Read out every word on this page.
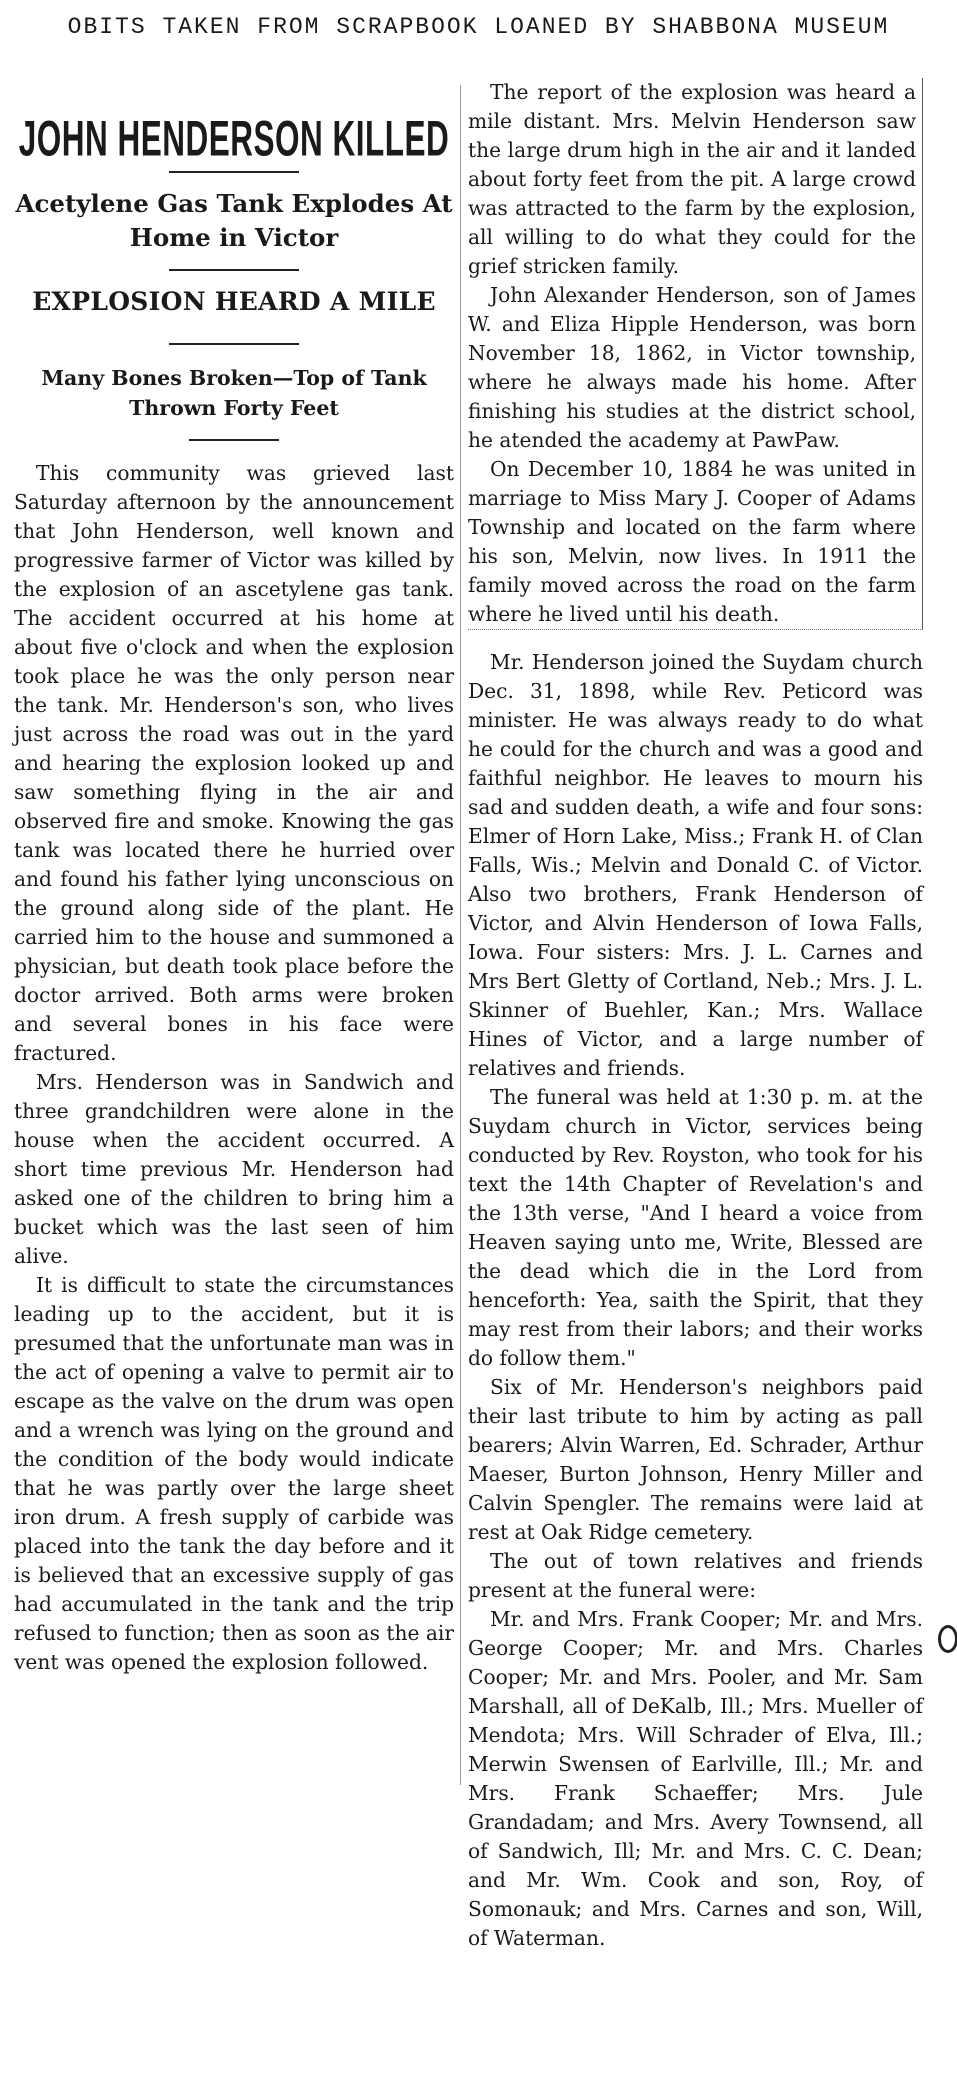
OBITS TAKEN FROM SCRAPBOOK LOANED BY SHABBONA MUSEUM
JOHN HENDERSON KILLED
Acetylene Gas Tank Explodes At Home in Victor
EXPLOSION HEARD A MILE
Many Bones Broken—Top of Tank Thrown Forty Feet

This community was grieved last Saturday afternoon by the announcement that John Henderson, well known and progressive farmer of Victor was killed by the explosion of an ascetylene gas tank. The accident occurred at his home at about five o'clock and when the explosion took place he was the only person near the tank. Mr. Henderson's son, who lives just across the road was out in the yard and hearing the explosion looked up and saw something flying in the air and observed fire and smoke. Knowing the gas tank was located there he hurried over and found his father lying unconscious on the ground along side of the plant. He carried him to the house and summoned a physician, but death took place before the doctor arrived. Both arms were broken and several bones in his face were fractured.

Mrs. Henderson was in Sandwich and three grandchildren were alone in the house when the accident occurred. A short time previous Mr. Henderson had asked one of the children to bring him a bucket which was the last seen of him alive.

It is difficult to state the circumstances leading up to the accident, but it is presumed that the unfortunate man was in the act of opening a valve to permit air to escape as the valve on the drum was open and a wrench was lying on the ground and the condition of the body would indicate that he was partly over the large sheet iron drum. A fresh supply of carbide was placed into the tank the day before and it is believed that an excessive supply of gas had accumulated in the tank and the trip refused to function; then as soon as the air vent was opened the explosion followed.

The report of the explosion was heard a mile distant. Mrs. Melvin Henderson saw the large drum high in the air and it landed about forty feet from the pit. A large crowd was attracted to the farm by the explosion, all willing to do what they could for the grief stricken family.

John Alexander Henderson, son of James W. and Eliza Hipple Henderson, was born November 18, 1862, in Victor township, where he always made his home. After finishing his studies at the district school, he atended the academy at PawPaw.

On December 10, 1884 he was united in marriage to Miss Mary J. Cooper of Adams Township and located on the farm where his son, Melvin, now lives. In 1911 the family moved across the road on the farm where he lived until his death.

Mr. Henderson joined the Suydam church Dec. 31, 1898, while Rev. Peticord was minister. He was always ready to do what he could for the church and was a good and faithful neighbor. He leaves to mourn his sad and sudden death, a wife and four sons: Elmer of Horn Lake, Miss.; Frank H. of Clan Falls, Wis.; Melvin and Donald C. of Victor. Also two brothers, Frank Henderson of Victor, and Alvin Henderson of Iowa Falls, Iowa. Four sisters: Mrs. J. L. Carnes and Mrs Bert Gletty of Cortland, Neb.; Mrs. J. L. Skinner of Buehler, Kan.; Mrs. Wallace Hines of Victor, and a large number of relatives and friends.

The funeral was held at 1:30 p. m. at the Suydam church in Victor, services being conducted by Rev. Royston, who took for his text the 14th Chapter of Revelation's and the 13th verse, "And I heard a voice from Heaven saying unto me, Write, Blessed are the dead which die in the Lord from henceforth: Yea, saith the Spirit, that they may rest from their labors; and their works do follow them."

Six of Mr. Henderson's neighbors paid their last tribute to him by acting as pall bearers; Alvin Warren, Ed. Schrader, Arthur Maeser, Burton Johnson, Henry Miller and Calvin Spengler. The remains were laid at rest at Oak Ridge cemetery.

The out of town relatives and friends present at the funeral were:

Mr. and Mrs. Frank Cooper; Mr. and Mrs. George Cooper; Mr. and Mrs. Charles Cooper; Mr. and Mrs. Pooler, and Mr. Sam Marshall, all of DeKalb, Ill.; Mrs. Mueller of Mendota; Mrs. Will Schrader of Elva, Ill.; Merwin Swensen of Earlville, Ill.; Mr. and Mrs. Frank Schaeffer; Mrs. Jule Grandadam; and Mrs. Avery Townsend, all of Sandwich, Ill; Mr. and Mrs. C. C. Dean; and Mr. Wm. Cook and son, Roy, of Somonauk; and Mrs. Carnes and son, Will, of Waterman.
